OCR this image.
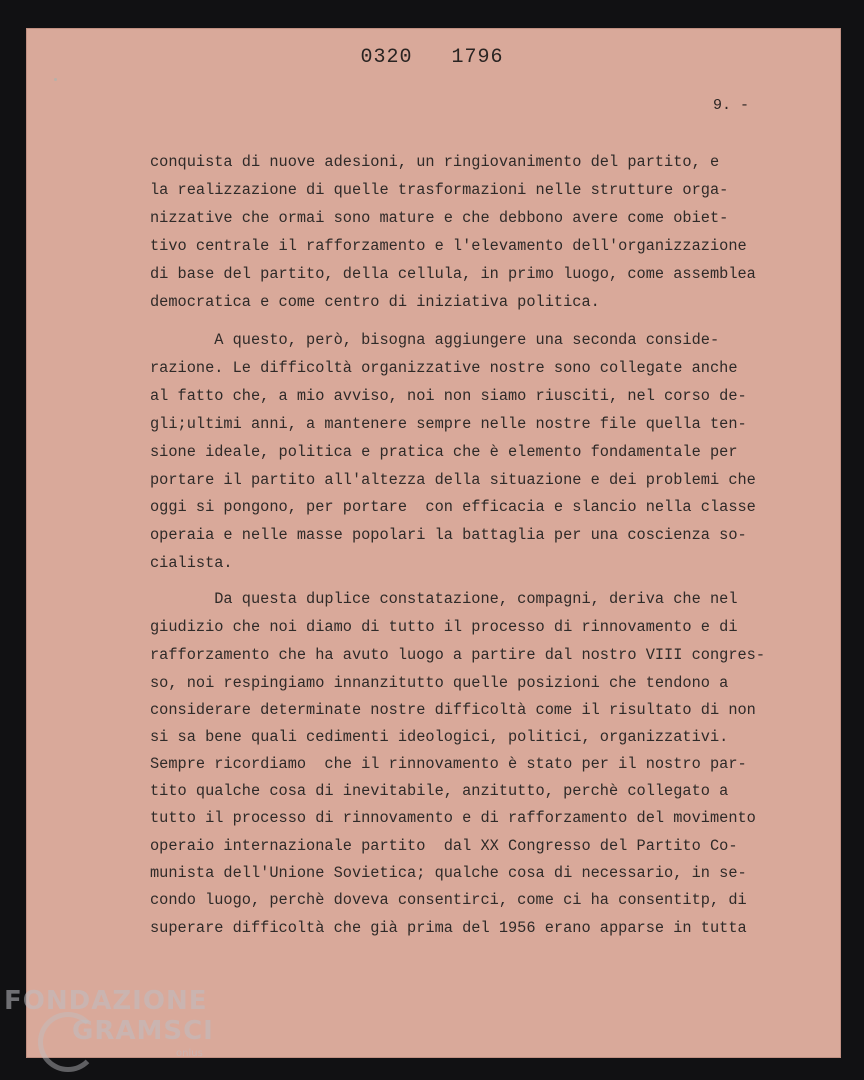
0320   1796
9. -
conquista di nuove adesioni, un ringiovanimento del partito, e
la realizzazione di quelle trasformazioni nelle strutture orga-
nizzative che ormai sono mature e che debbono avere come obiet-
tivo centrale il rafforzamento e l'elevamento dell'organizzazione
di base del partito, della cellula, in primo luogo, come assemblea
democratica e come centro di iniziativa politica.
A questo, però, bisogna aggiungere una seconda conside-
razione. Le difficoltà organizzative nostre sono collegate anche
al fatto che, a mio avviso, noi non siamo riusciti, nel corso de-
gli;ultimi anni, a mantenere sempre nelle nostre file quella ten-
sione ideale, politica e pratica che è elemento fondamentale per
portare il partito all'altezza della situazione e dei problemi che
oggi si pongono, per portare  con efficacia e slancio nella classe
operaia e nelle masse popolari la battaglia per una coscienza so-
cialista.
Da questa duplice constatazione, compagni, deriva che nel
giudizio che noi diamo di tutto il processo di rinnovamento e di
rafforzamento che ha avuto luogo a partire dal nostro VIII congres-
so, noi respingiamo innanzitutto quelle posizioni che tendono a
considerare determinate nostre difficoltà come il risultato di non
si sa bene quali cedimenti ideologici, politici, organizzativi.
Sempre ricordiamo  che il rinnovamento è stato per il nostro par-
tito qualche cosa di inevitabile, anzitutto, perchè collegato a
tutto il processo di rinnovamento e di rafforzamento del movimento
operaio internazionale partito  dal XX Congresso del Partito Co-
munista dell'Unione Sovietica; qualche cosa di necessario, in se-
condo luogo, perchè doveva consentirci, come ci ha consentitp, di
superare difficoltà che già prima del 1956 erano apparse in tutta
FONDAZIONE
GRAMSCI
onlus
